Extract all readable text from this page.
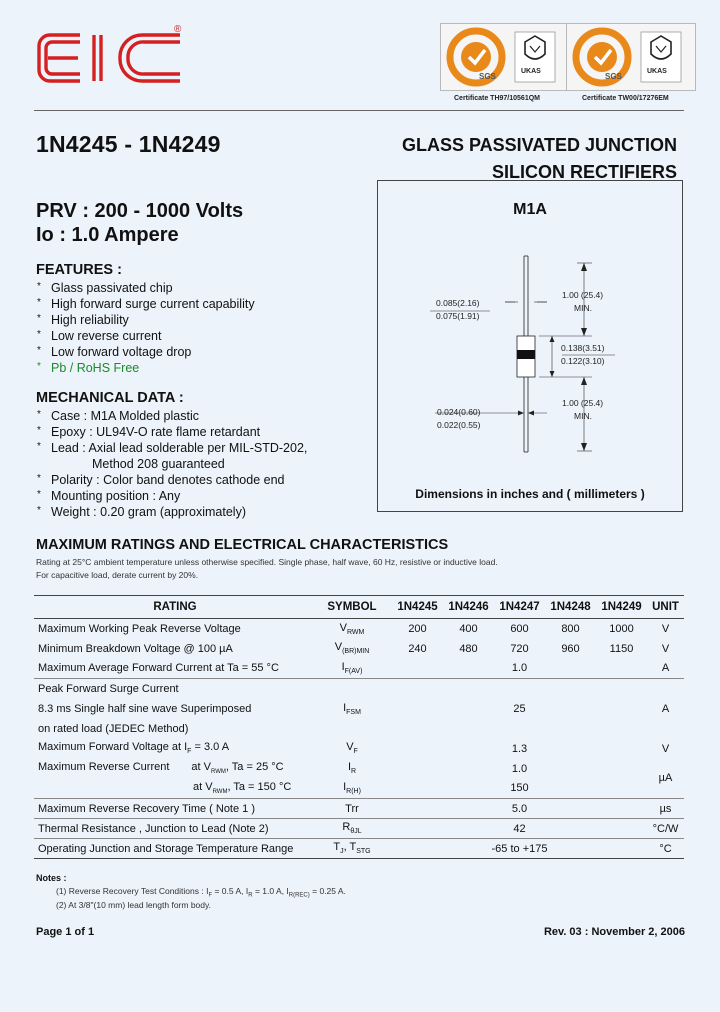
®
SGS
UKAS
Certificate TH97/10561QM
SGS
UKAS
Certificate TW00/17276EM
1N4245 - 1N4249	GLASS PASSIVATED JUNCTION
SILICON RECTIFIERS
PRV : 200 - 1000 Volts
Io : 1.0 Ampere
FEATURES :
* Glass passivated chip
* High forward surge current capability
* High reliability
* Low reverse current
* Low forward voltage drop
* Pb / RoHS Free
MECHANICAL DATA :
* Case : M1A Molded plastic
* Epoxy : UL94V-O rate flame retardant
* Lead : Axial lead solderable per MIL-STD-202,
Method 208 guaranteed
* Polarity : Color band denotes cathode end
* Mounting position : Any
* Weight : 0.20 gram (approximately)
M1A
0.085(2.16)
0.075(1.91)
1.00 (25.4)
MIN.
0.138(3.51)
0.122(3.10)
1.00 (25.4)
MIN.
0.024(0.60)
0.022(0.55)
Dimensions in inches and ( millimeters )
MAXIMUM RATINGS AND ELECTRICAL CHARACTERISTICS
Rating at 25°C ambient temperature unless otherwise specified. Single phase, half wave, 60 Hz, resistive or inductive load.
For capacitive load, derate current by 20%.
RATING	SYMBOL	1N4245	1N4246	1N4247	1N4248	1N4249	UNIT
Maximum Working Peak Reverse Voltage	$V_{RWM}$	200	400	600	800	1000	V
Minimum Breakdown Voltage @ 100 µA	$V_{(BR)MIN}$	240	480	720	960	1150	V
Maximum Average Forward Current at Ta = 55 °C	$I_{F(AV)}$	1.0					A
Peak Forward Surge Current	$I_{FSM}$	25					A
8.3 ms Single half sine wave Superimposed							
on rated load (JEDEC Method)							
Maximum Forward Voltage at $I_F = 3.0$ A	$V_F$	1.3					V
Maximum Reverse Current at $V_{RWM}$, Ta = 25 °C	$I_R$	1.0					µA
at $V_{RWM}$, Ta = 150 °C	$I_{R(H)}$	150					
Maximum Reverse Recovery Time ( Note 1 )	Trr	5.0					µs
Thermal Resistance , Junction to Lead (Note 2)	$R_{\theta JL}$	42					°C/W
Operating Junction and Storage Temperature Range	$T_J$, $T_{STG}$	-65 to +175					°C
Notes :
(1) Reverse Recovery Test Conditions : $I_F = 0.5$ A, $I_R = 1.0$ A, $I_{R(REC)} = 0.25$ A.
(2) At 3/8"(10 mm) lead length form body.
Page 1 of 1	Rev. 03 : November 2, 2006
